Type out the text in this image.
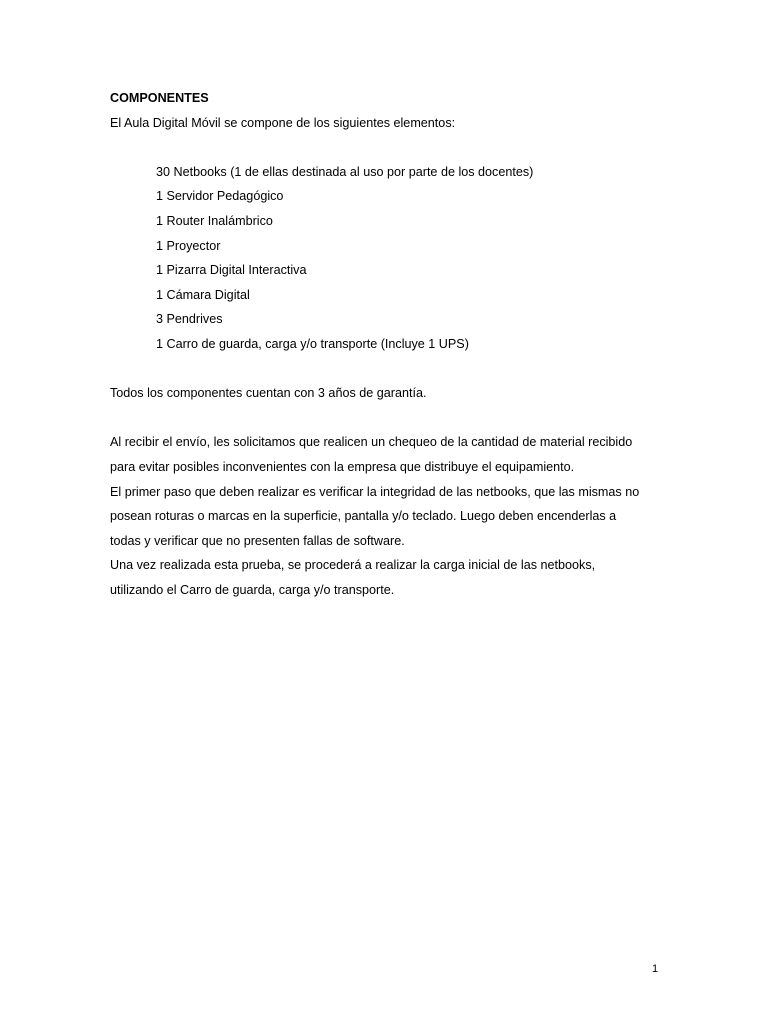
COMPONENTES

El Aula Digital Móvil se compone de los siguientes elementos:

30 Netbooks (1 de ellas destinada al uso por parte de los docentes)
1 Servidor Pedagógico
1 Router Inalámbrico
1 Proyector
1 Pizarra Digital Interactiva
1 Cámara Digital
3 Pendrives
1 Carro de guarda, carga y/o transporte (Incluye 1 UPS)

Todos los componentes cuentan con 3 años de garantía.

Al recibir el envío, les solicitamos que realicen un chequeo de la cantidad de material recibido

para evitar posibles inconvenientes con la empresa que distribuye el equipamiento.

El primer paso que deben realizar es verificar la integridad de las netbooks, que las mismas no

posean roturas o marcas en la superficie, pantalla y/o teclado. Luego deben encenderlas a

todas y verificar que no presenten fallas de software.

Una vez realizada esta prueba, se procederá a realizar la carga inicial de las netbooks,

utilizando el Carro de guarda, carga y/o transporte.

1
